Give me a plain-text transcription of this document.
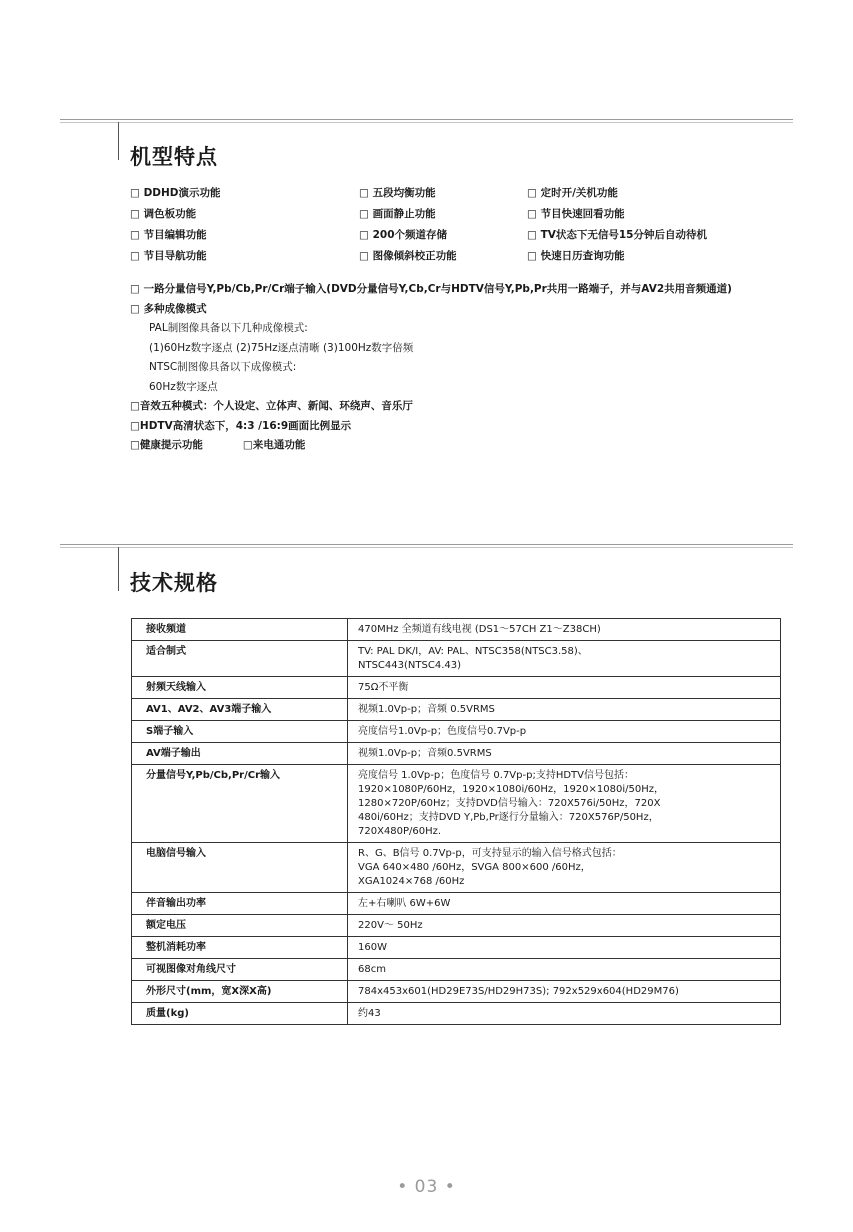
机型特点
□ DDHD演示功能	□ 五段均衡功能	□ 定时开/关机功能
□ 调色板功能	□ 画面静止功能	□ 节目快速回看功能
□ 节目编辑功能	□ 200个频道存储	□ TV状态下无信号15分钟后自动待机
□ 节目导航功能	□ 图像倾斜校正功能	□ 快速日历查询功能

□ 一路分量信号Y,Pb/Cb,Pr/Cr端子输入(DVD分量信号Y,Cb,Cr与HDTV信号Y,Pb,Pr共用一路端子，并与AV2共用音频通道)

□ 多种成像模式

PAL制图像具备以下几种成像模式:

(1)60Hz数字逐点 (2)75Hz逐点清晰 (3)100Hz数字倍频

NTSC制图像具备以下成像模式:

60Hz数字逐点

□音效五种模式：个人设定、立体声、新闻、环绕声、音乐厅

□HDTV高清状态下，4:3 /16:9画面比例显示

□健康提示功能	□来电通功能

技术规格
接收频道	470MHz 全频道有线电视 (DS1～57CH Z1～Z38CH)
适合制式	TV: PAL DK/I，AV: PAL、NTSC358(NTSC3.58)、
NTSC443(NTSC4.43)
射频天线输入	75Ω不平衡
AV1、AV2、AV3端子输入	视频1.0Vp-p；音频 0.5VRMS
S端子输入	亮度信号1.0Vp-p；色度信号0.7Vp-p
AV端子输出	视频1.0Vp-p；音频0.5VRMS
分量信号Y,Pb/Cb,Pr/Cr输入	亮度信号 1.0Vp-p；色度信号 0.7Vp-p;支持HDTV信号包括：
1920×1080P/60Hz，1920×1080i/60Hz，1920×1080i/50Hz，
1280×720P/60Hz；支持DVD信号输入：720X576i/50Hz，720X
480i/60Hz；支持DVD Y,Pb,Pr逐行分量输入：720X576P/50Hz，
720X480P/60Hz.
电脑信号输入	R、G、B信号 0.7Vp-p，可支持显示的输入信号格式包括：
VGA 640×480 /60Hz，SVGA 800×600 /60Hz，
XGA1024×768 /60Hz
伴音输出功率	左+右喇叭 6W+6W
额定电压	220V～ 50Hz
整机消耗功率	160W
可视图像对角线尺寸	68cm
外形尺寸(mm，宽X深X高)	784x453x601(HD29E73S/HD29H73S); 792x529x604(HD29M76)
质量(kg)	约43
• 03 •
